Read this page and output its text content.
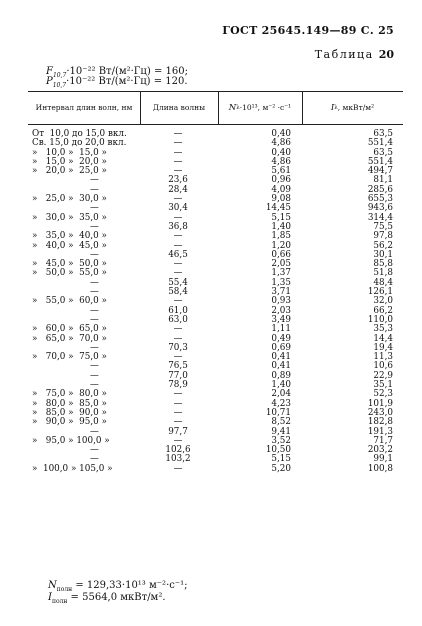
ГОСТ 25645.149—89 С. 25
Таблица 20
$F_{10,7}\cdot 10^{-22}$ Вт/(м²·Гц) = 160;
$P_{10,7}\cdot 10^{-22}$ Вт/(м²·Гц) = 120.
Интервал длин волн, нм	Длина волны	N λ ·10¹³, м⁻² ·с⁻¹	I λ , мкВт/м²
От  10,0 до 15,0 вкл.	—	0,40	63,5
Св. 15,0 до 20,0 вкл.	—	4,86	551,4
»   10,0 »  15,0 »	—	0,40	63,5
»   15,0 »  20,0 »	—	4,86	551,4
»   20,0 »  25,0 »	—	5,61	494,7
—	23,6	0,96	81,1
—	28,4	4,09	285,6
»   25,0 »  30,0 »	—	9,08	655,3
—	30,4	14,45	943,6
»   30,0 »  35,0 »	—	5,15	314,4
—	36,8	1,40	75,5
»   35,0 »  40,0 »	—	1,85	97,8
»   40,0 »  45,0 »	—	1,20	56,2
—	46,5	0,66	30,1
»   45,0 »  50,0 »	—	2,05	85,8
»   50,0 »  55,0 »	—	1,37	51,8
—	55,4	1,35	48,4
—	58,4	3,71	126,1
»   55,0 »  60,0 »	—	0,93	32,0
—	61,0	2,03	66,2
—	63,0	3,49	110,0
»   60,0 »  65,0 »	—	1,11	35,3
»   65,0 »  70,0 »	—	0,49	14,4
—	70,3	0,69	19,4
»   70,0 »  75,0 »	—	0,41	11,3
—	76,5	0,41	10,6
—	77,0	0,89	22,9
—	78,9	1,40	35,1
»   75,0 »  80,0 »	—	2,04	52,3
»   80,0 »  85,0 »	—	4,23	101,9
»   85,0 »  90,0 »	—	10,71	243,0
»   90,0 »  95,0 »	—	8,52	182,8
—	97,7	9,41	191,3
»   95,0 » 100,0 »	—	3,52	71,7
—	102,6	10,50	203,2
—	103,2	5,15	99,1
»  100,0 » 105,0 »	—	5,20	100,8
$N_{полн} = 129,33\cdot 10^{13}$ м⁻²·с⁻¹;
$I_{полн} = 5564,0$ мкВт/м².
